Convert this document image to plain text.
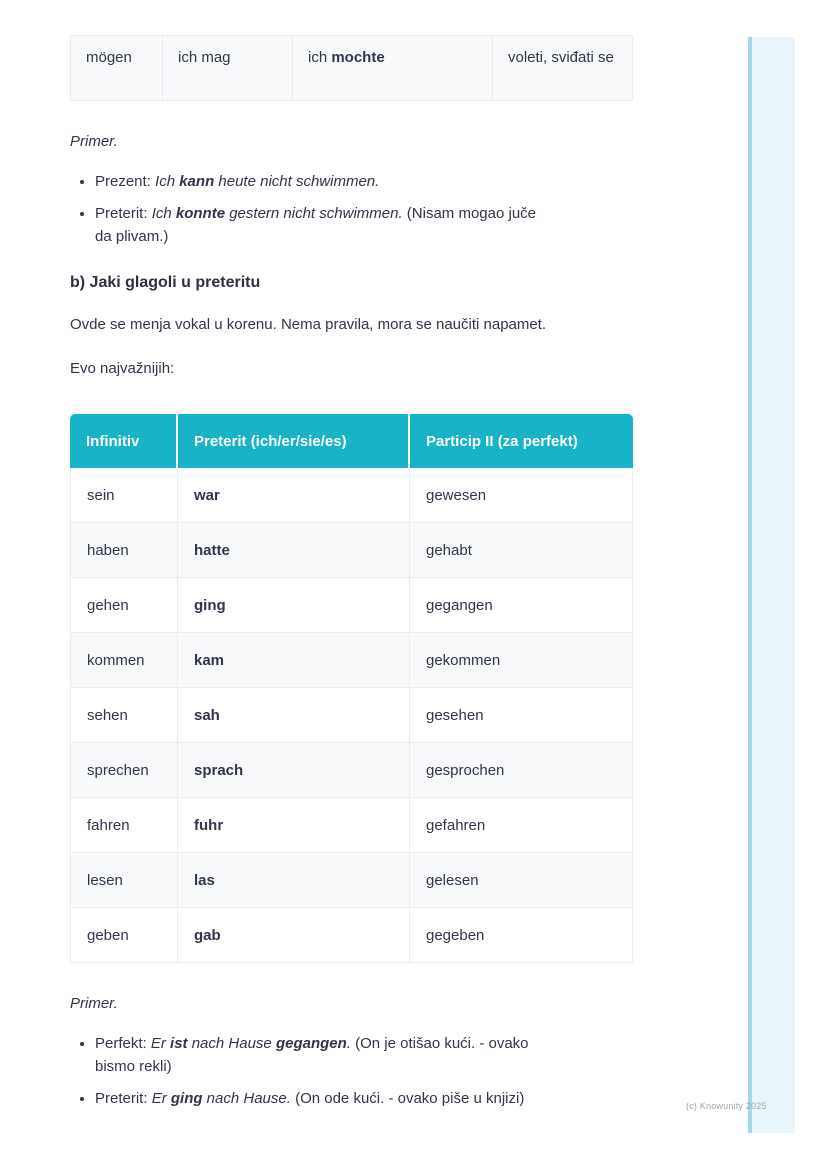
(c) Knowunity 2025
mögen	ich mag	ich mochte	voleti, sviđati se

Primer.

• Prezent: Ich kann heute nicht schwimmen.
• Preterit: Ich konnte gestern nicht schwimmen. (Nisam mogao juče
da plivam.)
b) Jaki glagoli u preteritu

Ovde se menja vokal u korenu. Nema pravila, mora se naučiti napamet.

Evo najvažnijih:

Infinitiv	Preterit (ich/er/sie/es)	Particip II (za perfekt)
sein	war	gewesen
haben	hatte	gehabt
gehen	ging	gegangen
kommen	kam	gekommen
sehen	sah	gesehen
sprechen	sprach	gesprochen
fahren	fuhr	gefahren
lesen	las	gelesen
geben	gab	gegeben

Primer.

• Perfekt: Er ist nach Hause gegangen. (On je otišao kući. - ovako
bismo rekli)
• Preterit: Er ging nach Hause. (On ode kući. - ovako piše u knjizi)
